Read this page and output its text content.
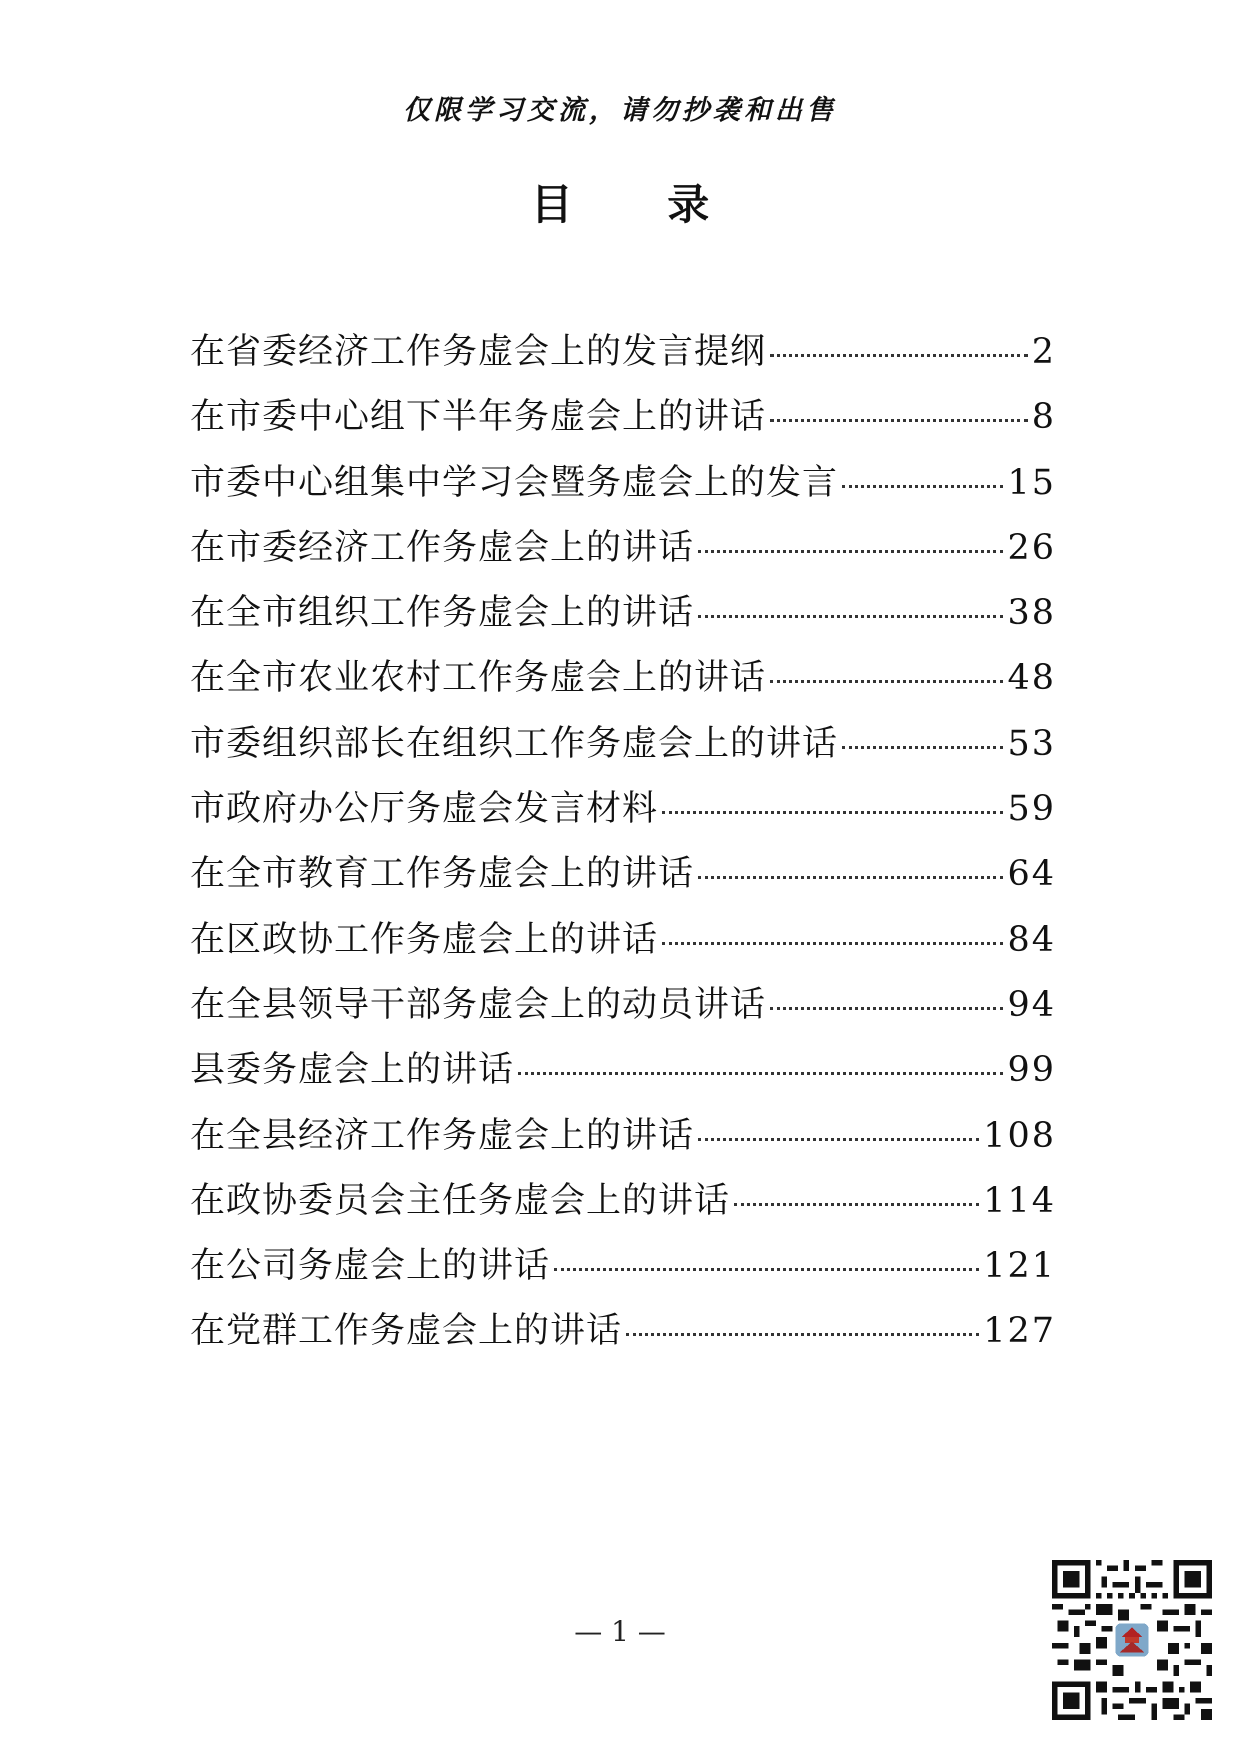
仅限学习交流，请勿抄袭和出售
目 录
在省委经济工作务虚会上的发言提纲	2
在市委中心组下半年务虚会上的讲话	8
市委中心组集中学习会暨务虚会上的发言	15
在市委经济工作务虚会上的讲话	26
在全市组织工作务虚会上的讲话	38
在全市农业农村工作务虚会上的讲话	48
市委组织部长在组织工作务虚会上的讲话	53
市政府办公厅务虚会发言材料	59
在全市教育工作务虚会上的讲话	64
在区政协工作务虚会上的讲话	84
在全县领导干部务虚会上的动员讲话	94
县委务虚会上的讲话	99
在全县经济工作务虚会上的讲话	108
在政协委员会主任务虚会上的讲话	114
在公司务虚会上的讲话	121
在党群工作务虚会上的讲话	127
— 1 —
